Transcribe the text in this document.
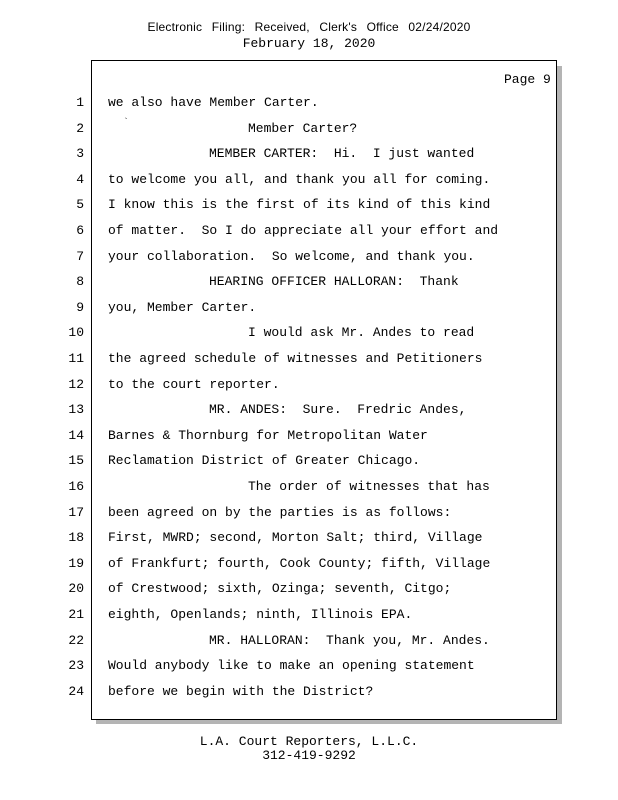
Electronic Filing: Received, Clerk's Office 02/24/2020
February 18, 2020
Page 9
`
1
2
3
4
5
6
7
8
9
10
11
12
13
14
15
16
17
18
19
20
21
22
23
24
we also have Member Carter.
Member Carter?
MEMBER CARTER:  Hi.  I just wanted
to welcome you all, and thank you all for coming.
I know this is the first of its kind of this kind
of matter.  So I do appreciate all your effort and
your collaboration.  So welcome, and thank you.
HEARING OFFICER HALLORAN:  Thank
you, Member Carter.
I would ask Mr. Andes to read
the agreed schedule of witnesses and Petitioners
to the court reporter.
MR. ANDES:  Sure.  Fredric Andes,
Barnes & Thornburg for Metropolitan Water
Reclamation District of Greater Chicago.
The order of witnesses that has
been agreed on by the parties is as follows:
First, MWRD; second, Morton Salt; third, Village
of Frankfurt; fourth, Cook County; fifth, Village
of Crestwood; sixth, Ozinga; seventh, Citgo;
eighth, Openlands; ninth, Illinois EPA.
MR. HALLORAN:  Thank you, Mr. Andes.
Would anybody like to make an opening statement
before we begin with the District?
L.A. Court Reporters, L.L.C.
312-419-9292
